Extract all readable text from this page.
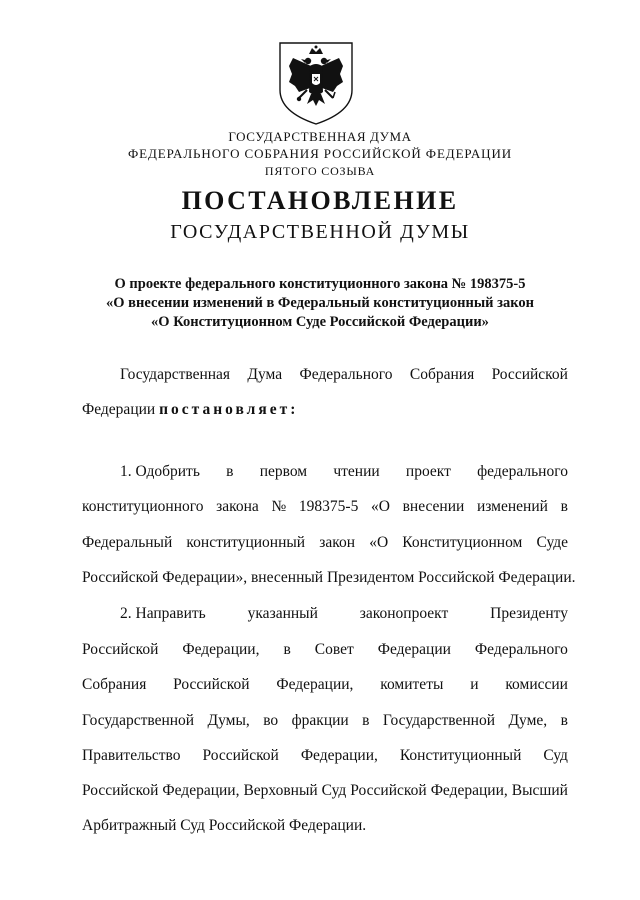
ГОСУДАРСТВЕННАЯ ДУМА
ФЕДЕРАЛЬНОГО СОБРАНИЯ РОССИЙСКОЙ ФЕДЕРАЦИИ
ПЯТОГО СОЗЫВА
ПОСТАНОВЛЕНИЕ
ГОСУДАРСТВЕННОЙ ДУМЫ
О проекте федерального конституционного закона № 198375-5
«О внесении изменений в Федеральный конституционный закон
«О Конституционном Суде Российской Федерации»
Государственная Дума Федерального Собрания Российской
Федерации постановляет:
1. Одобрить в первом чтении проект федерального
конституционного закона № 198375-5 «О внесении изменений в
Федеральный конституционный закон «О Конституционном Суде
Российской Федерации», внесенный Президентом Российской Федерации.
2. Направить	указанный	законопроект	Президенту
Российской Федерации, в Совет Федерации Федерального
Собрания Российской Федерации, комитеты и комиссии
Государственной Думы, во фракции в Государственной Думе, в
Правительство Российской Федерации, Конституционный Суд
Российской Федерации, Верховный Суд Российской Федерации, Высший
Арбитражный Суд Российской Федерации.
